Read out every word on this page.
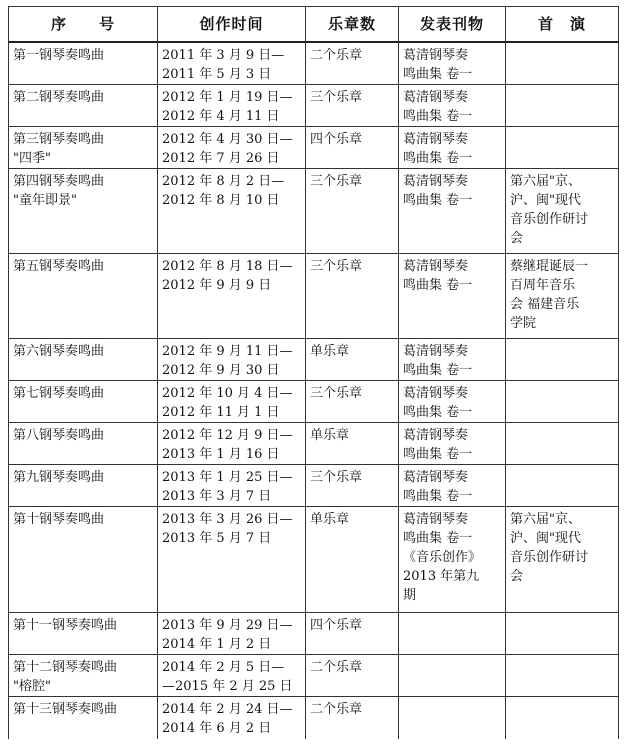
序　　号	创作时间	乐章数	发表刊物	首　演

第一钢琴奏鸣曲	2011 年 3 月 9 日—
2011 年 5 月 3 日	二个乐章	葛清钢琴奏
鸣曲集 卷一	

第二钢琴奏鸣曲	2012 年 1 月 19 日—
2012 年 4 月 11 日	三个乐章	葛清钢琴奏
鸣曲集 卷一	

第三钢琴奏鸣曲
"四季"	2012 年 4 月 30 日—
2012 年 7 月 26 日	四个乐章	葛清钢琴奏
鸣曲集 卷一	

第四钢琴奏鸣曲
"童年即景"	2012 年 8 月 2 日—
2012 年 8 月 10 日	三个乐章	葛清钢琴奏
鸣曲集 卷一	第六届"京、
沪、闽"现代
音乐创作研讨
会

第五钢琴奏鸣曲	2012 年 8 月 18 日—
2012 年 9 月 9 日	三个乐章	葛清钢琴奏
鸣曲集 卷一	蔡继琨诞辰一
百周年音乐
会 福建音乐
学院

第六钢琴奏鸣曲	2012 年 9 月 11 日—
2012 年 9 月 30 日	单乐章	葛清钢琴奏
鸣曲集 卷一	

第七钢琴奏鸣曲	2012 年 10 月 4 日—
2012 年 11 月 1 日	三个乐章	葛清钢琴奏
鸣曲集 卷一	

第八钢琴奏鸣曲	2012 年 12 月 9 日—
2013 年 1 月 16 日	单乐章	葛清钢琴奏
鸣曲集 卷一	

第九钢琴奏鸣曲	2013 年 1 月 25 日—
2013 年 3 月 7 日	三个乐章	葛清钢琴奏
鸣曲集 卷一	

第十钢琴奏鸣曲	2013 年 3 月 26 日—
2013 年 5 月 7 日	单乐章	葛清钢琴奏
鸣曲集 卷一
《音乐创作》
2013 年第九
期	第六届"京、
沪、闽"现代
音乐创作研讨
会

第十一钢琴奏鸣曲	2013 年 9 月 29 日—
2014 年 1 月 2 日	四个乐章		

第十二钢琴奏鸣曲
"榕腔"	2014 年 2 月 5 日—
—2015 年 2 月 25 日	二个乐章		

第十三钢琴奏鸣曲	2014 年 2 月 24 日—
2014 年 6 月 2 日	二个乐章		
